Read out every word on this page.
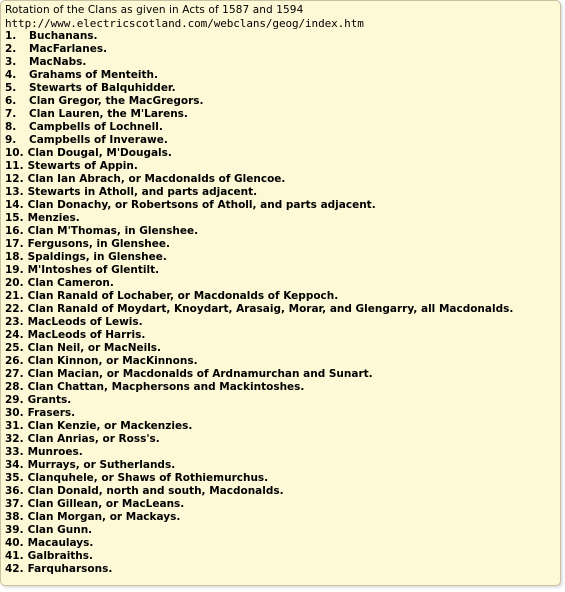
Rotation of the Clans as given in Acts of 1587 and 1594
http://www.electricscotland.com/webclans/geog/index.htm
1. Buchanans.
2. MacFarlanes.
3. MacNabs.
4. Grahams of Menteith.
5. Stewarts of Balquhidder.
6. Clan Gregor, the MacGregors.
7. Clan Lauren, the M'Larens.
8. Campbells of Lochnell.
9. Campbells of Inverawe.
10. Clan Dougal, M'Dougals.
11. Stewarts of Appin.
12. Clan Ian Abrach, or Macdonalds of Glencoe.
13. Stewarts in Atholl, and parts adjacent.
14. Clan Donachy, or Robertsons of Atholl, and parts adjacent.
15. Menzies.
16. Clan M'Thomas, in Glenshee.
17. Fergusons, in Glenshee.
18. Spaldings, in Glenshee.
19. M'Intoshes of Glentilt.
20. Clan Cameron.
21. Clan Ranald of Lochaber, or Macdonalds of Keppoch.
22. Clan Ranald of Moydart, Knoydart, Arasaig, Morar, and Glengarry, all Macdonalds.
23. MacLeods of Lewis.
24. MacLeods of Harris.
25. Clan Neil, or MacNeils.
26. Clan Kinnon, or MacKinnons.
27. Clan Macian, or Macdonalds of Ardnamurchan and Sunart.
28. Clan Chattan, Macphersons and Mackintoshes.
29. Grants.
30. Frasers.
31. Clan Kenzie, or Mackenzies.
32. Clan Anrias, or Ross's.
33. Munroes.
34. Murrays, or Sutherlands.
35. Clanquhele, or Shaws of Rothiemurchus.
36. Clan Donald, north and south, Macdonalds.
37. Clan Gillean, or MacLeans.
38. Clan Morgan, or Mackays.
39. Clan Gunn.
40. Macaulays.
41. Galbraiths.
42. Farquharsons.
